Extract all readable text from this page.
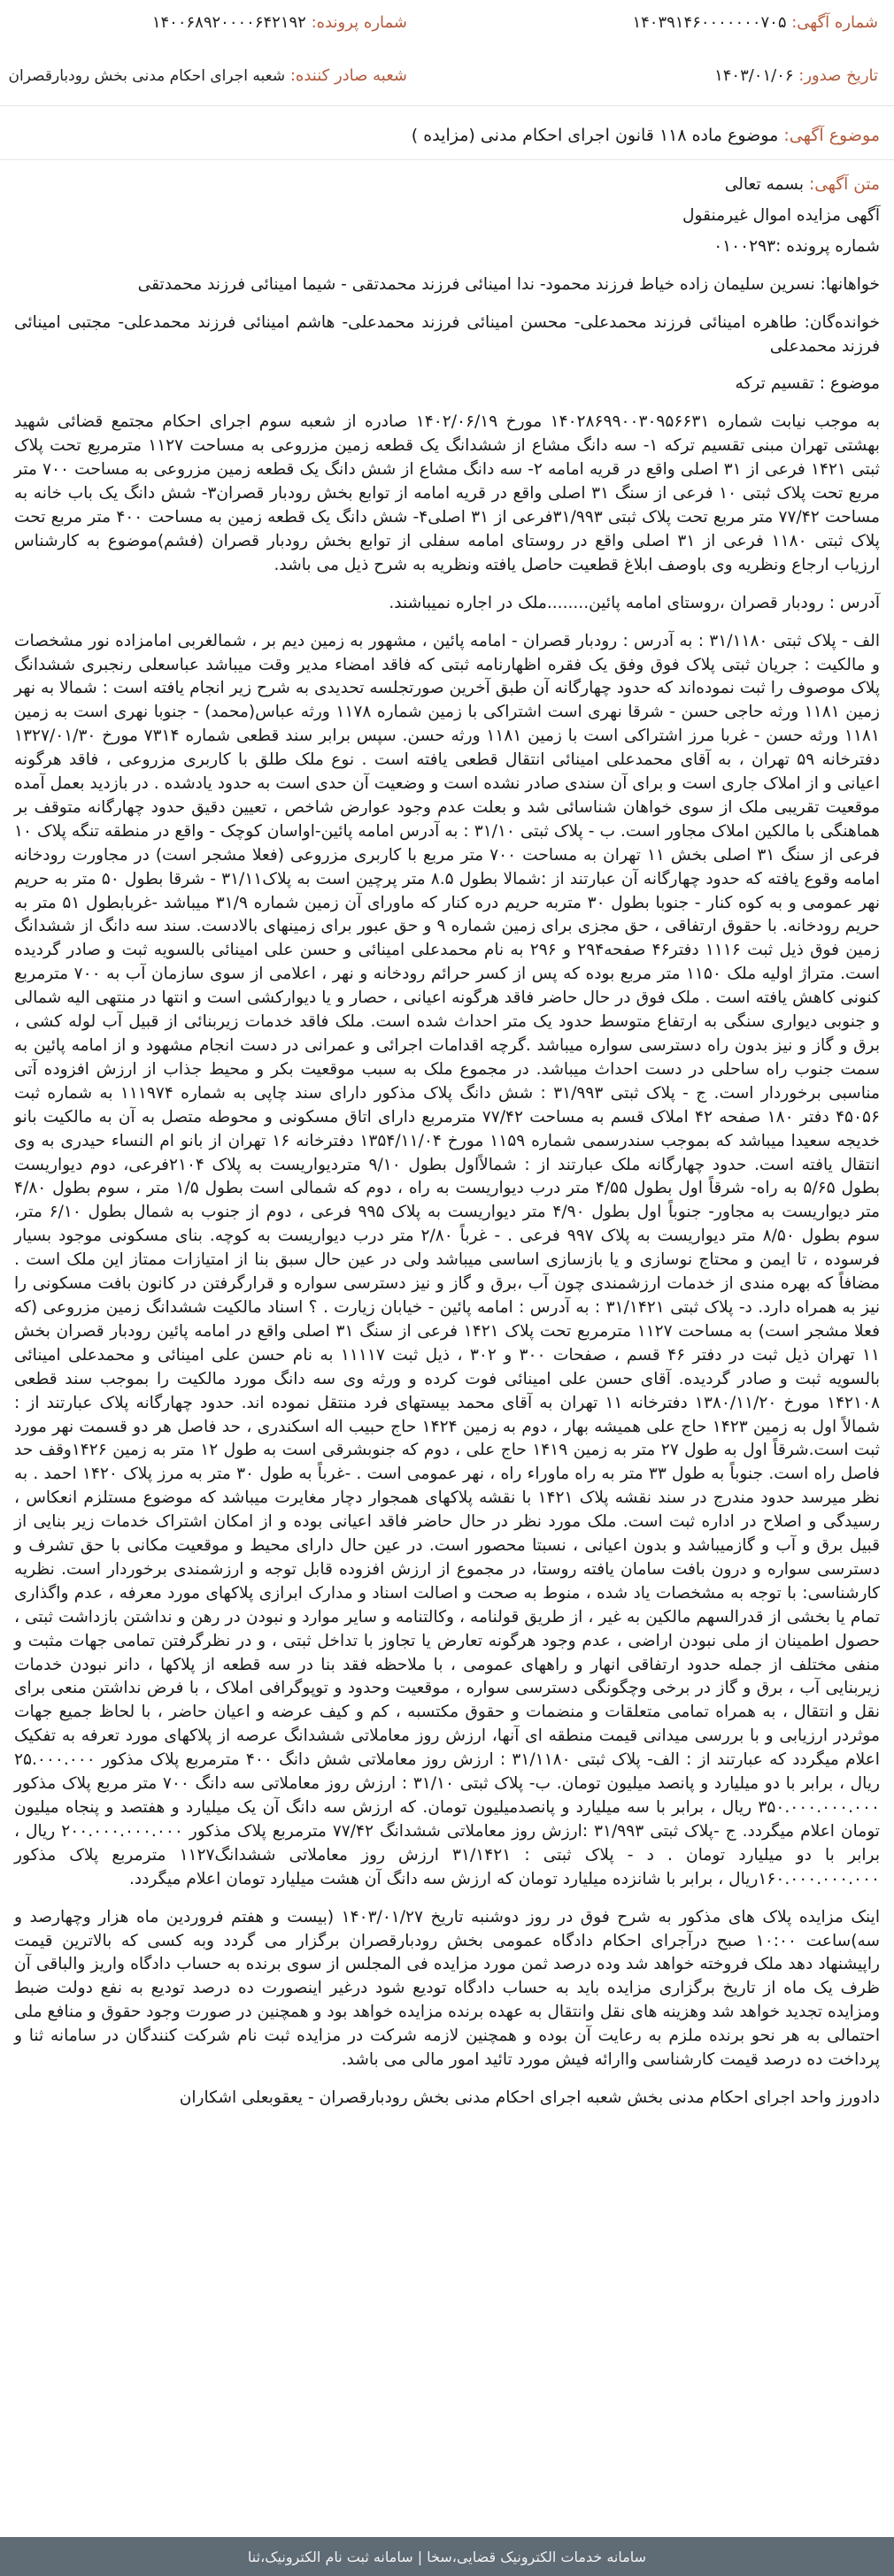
شماره آگهی: ۱۴۰۳۹۱۴۶۰۰۰۰۰۰۰۷۰۵
شماره پرونده: ۱۴۰۰۶۸۹۲۰۰۰۰۶۴۲۱۹۲
تاریخ صدور: ۱۴۰۳/۰۱/۰۶
شعبه صادر کننده: شعبه اجرای احکام مدنی بخش رودبارقصران
موضوع آگهی: موضوع ماده ۱۱۸ قانون اجرای احکام مدنی (مزایده )

متن آگهی: بسمه تعالی

آگهی مزایده اموال غیرمنقول

شماره پرونده :۰۱۰۰۲۹۳

خواهانها: نسرین سلیمان زاده خیاط فرزند محمود- ندا امینائی فرزند محمدتقی - شیما امینائی فرزند محمدتقی

خوانده‌گان: طاهره امینائی فرزند محمدعلی- محسن امینائی فرزند محمدعلی- هاشم امینائی فرزند محمدعلی- مجتبی امینائی فرزند محمدعلی

موضوع : تقسیم ترکه

به موجب نیابت شماره ۱۴۰۲۸۶۹۹۰۰۳۰۹۵۶۶۳۱ مورخ ۱۴۰۲/۰۶/۱۹ صادره از شعبه سوم اجرای احکام مجتمع قضائی شهید بهشتی تهران مبنی تقسیم ترکه ۱- سه دانگ مشاع از ششدانگ یک قطعه زمین مزروعی به مساحت ۱۱۲۷ مترمربع تحت پلاک ثبتی ۱۴۲۱ فرعی از ۳۱ اصلی واقع در قریه امامه ۲- سه دانگ مشاع از شش دانگ یک قطعه زمین مزروعی به مساحت ۷۰۰ متر مربع تحت پلاک ثبتی ۱۰ فرعی از سنگ ۳۱ اصلی واقع در قریه امامه از توابع بخش رودبار قصران۳- شش دانگ یک باب خانه به مساحت ۷۷/۴۲ متر مربع تحت پلاک ثبتی ۳۱/۹۹۳فرعی از ۳۱ اصلی۴- شش دانگ یک قطعه زمین به مساحت ۴۰۰ متر مربع تحت پلاک ثبتی ۱۱۸۰ فرعی از ۳۱ اصلی واقع در روستای امامه سفلی از توابع بخش رودبار قصران (فشم)موضوع به کارشناس ارزیاب ارجاع ونظریه وی باوصف ابلاغ قطعیت حاصل یافته ونظریه به شرح ذیل می باشد.

آدرس : رودبار قصران ،روستای امامه پائین........ملک در اجاره نمیباشند.

الف - پلاک ثبتی ۳۱/۱۱۸۰ : به آدرس : رودبار قصران - امامه پائین ، مشهور به زمین دیم بر ، شمالغربی امامزاده نور مشخصات و مالکیت : جریان ثبتی پلاک فوق وفق یک فقره اظهارنامه ثبتی که فاقد امضاء مدیر وقت میباشد عباسعلی رنجبری ششدانگ پلاک موصوف را ثبت نموده‌اند که حدود چهارگانه آن طبق آخرین صورتجلسه تحدیدی به شرح زیر انجام یافته است : شمالا به نهر زمین ۱۱۸۱ ورثه حاجی حسن - شرقا نهری است اشتراکی با زمین شماره ۱۱۷۸ ورثه عباس(محمد) - جنوبا نهری است به زمین ۱۱۸۱ ورثه حسن - غربا مرز اشتراکی است با زمین ۱۱۸۱ ورثه حسن. سپس برابر سند قطعی شماره ۷۳۱۴ مورخ ۱۳۲۷/۰۱/۳۰ دفترخانه ۵۹ تهران ، به آقای محمدعلی امینائی انتقال قطعی یافته است . نوع ملک طلق با کاربری مزروعی ، فاقد هرگونه اعیانی و از املاک جاری است و برای آن سندی صادر نشده است و وضعیت آن حدی است به حدود یادشده . در بازدید بعمل آمده موقعیت تقریبی ملک از سوی خواهان شناسائی شد و بعلت عدم وجود عوارض شاخص ، تعیین دقیق حدود چهارگانه متوقف بر هماهنگی با مالکین املاک مجاور است. ب - پلاک ثبتی ۳۱/۱۰ : به آدرس امامه پائین-اواسان کوچک - واقع در منطقه تنگه پلاک ۱۰ فرعی از سنگ ۳۱ اصلی بخش ۱۱ تهران به مساحت ۷۰۰ متر مربع با کاربری مزروعی (فعلا مشجر است) در مجاورت رودخانه امامه وقوع یافته که حدود چهارگانه آن عبارتند از :شمالا بطول ۸.۵ متر پرچین است به پلاک۳۱/۱۱ - شرقا بطول ۵۰ متر به حریم نهر عمومی و به کوه کنار - جنوبا بطول ۳۰ متربه حریم دره کنار که ماورای آن زمین شماره ۳۱/۹ میباشد -غربابطول ۵۱ متر به حریم رودخانه. با حقوق ارتفاقی ، حق مجزی برای زمین شماره ۹ و حق عبور برای زمینهای بالادست. سند سه دانگ از ششدانگ زمین فوق ذیل ثبت ۱۱۱۶ دفتر۴۶ صفحه۲۹۴ و ۲۹۶ به نام محمدعلی امینائی و حسن علی امینائی بالسویه ثبت و صادر گردیده است. متراژ اولیه ملک ۱۱۵۰ متر مربع بوده که پس از کسر حرائم رودخانه و نهر ، اعلامی از سوی سازمان آب به ۷۰۰ مترمربع کنونی کاهش یافته است . ملک فوق در حال حاضر فاقد هرگونه اعیانی ، حصار و یا دیوارکشی است و انتها در منتهی الیه شمالی و جنوبی دیواری سنگی به ارتفاع متوسط حدود یک متر احداث شده است. ملک فاقد خدمات زیربنائی از قبیل آب لوله کشی ، برق و گاز و نیز بدون راه دسترسی سواره میباشد .گرچه اقدامات اجرائی و عمرانی در دست انجام مشهود و از امامه پائین به سمت جنوب راه ساحلی در دست احداث میباشد. در مجموع ملک به سبب موقعیت بکر و محیط جذاب از ارزش افزوده آتی مناسبی برخوردار است. ج - پلاک ثبتی ۳۱/۹۹۳ : شش دانگ پلاک مذکور دارای سند چاپی به شماره ۱۱۱۹۷۴ به شماره ثبت ۴۵۰۵۶ دفتر ۱۸۰ صفحه ۴۲ املاک قسم به مساحت ۷۷/۴۲ مترمربع دارای اتاق مسکونی و محوطه متصل به آن به مالکیت بانو خدیجه سعیدا میباشد که بموجب سندرسمی شماره ۱۱۵۹ مورخ ۱۳۵۴/۱۱/۰۴ دفترخانه ۱۶ تهران از بانو ام النساء حیدری به وی انتقال یافته است. حدود چهارگانه ملک عبارتند از : شمالاًاول بطول ۹/۱۰ متردیواریست به پلاک ۲۱۰۴فرعی، دوم دیواریست بطول ۵/۶۵ به راه- شرقاً اول بطول ۴/۵۵ متر درب دیواریست به راه ، دوم که شمالی است بطول ۱/۵ متر ، سوم بطول ۴/۸۰ متر دیواریست به مجاور- جنوباً اول بطول ۴/۹۰ متر دیواریست به پلاک ۹۹۵ فرعی ، دوم از جنوب به شمال بطول ۶/۱۰ متر، سوم بطول ۸/۵۰ متر دیواریست به پلاک ۹۹۷ فرعی . - غرباً ۲/۸۰ متر درب دیواریست به کوچه. بنای مسکونی موجود بسیار فرسوده ، تا ایمن و محتاج نوسازی و یا بازسازی اساسی میباشد ولی در عین حال سبق بنا از امتیازات ممتاز این ملک است . مضافاً که بهره مندی از خدمات ارزشمندی چون آب ،برق و گاز و نیز دسترسی سواره و قرارگرفتن در کانون بافت مسکونی را نیز به همراه دارد. د- پلاک ثبتی ۳۱/۱۴۲۱ : به آدرس : امامه پائین - خیابان زیارت . ؟ اسناد مالکیت ششدانگ زمین مزروعی (که فعلا مشجر است) به مساحت ۱۱۲۷ مترمربع تحت پلاک ۱۴۲۱ فرعی از سنگ ۳۱ اصلی واقع در امامه پائین رودبار قصران بخش ۱۱ تهران ذیل ثبت در دفتر ۴۶ قسم ، صفحات ۳۰۰ و ۳۰۲ ، ذیل ثبت ۱۱۱۱۷ به نام حسن علی امینائی و محمدعلی امینائی بالسویه ثبت و صادر گردیده. آقای حسن علی امینائی فوت کرده و ورثه وی سه دانگ مورد مالکیت را بموجب سند قطعی ۱۴۲۱۰۸ مورخ ۱۳۸۰/۱۱/۲۰ دفترخانه ۱۱ تهران به آقای محمد بیستهای فرد منتقل نموده اند. حدود چهارگانه پلاک عبارتند از : شمالاً اول به زمین ۱۴۲۳ حاج علی همیشه بهار ، دوم به زمین ۱۴۲۴ حاج حبیب اله اسکندری ، حد فاصل هر دو قسمت نهر مورد ثبت است.شرقاً اول به طول ۲۷ متر به زمین ۱۴۱۹ حاج علی ، دوم که جنوبشرقی است به طول ۱۲ متر به زمین ۱۴۲۶وقف حد فاصل راه است. جنوباً به طول ۳۳ متر به راه ماوراء راه ، نهر عمومی است . -غرباً به طول ۳۰ متر به مرز پلاک ۱۴۲۰ احمد . به نظر میرسد حدود مندرج در سند نقشه پلاک ۱۴۲۱ با نقشه پلاکهای همجوار دچار مغایرت میباشد که موضوع مستلزم انعکاس ، رسیدگی و اصلاح در اداره ثبت است. ملک مورد نظر در حال حاضر فاقد اعیانی بوده و از امکان اشتراک خدمات زیر بنایی از قبیل برق و آب و گازمیباشد و بدون اعیانی ، نسبتا محصور است. در عین حال دارای محیط و موقعیت مکانی با حق تشرف و دسترسی سواره و درون بافت سامان یافته روستا، در مجموع از ارزش افزوده قابل توجه و ارزشمندی برخوردار است. نظریه کارشناسی: با توجه به مشخصات یاد شده ، منوط به صحت و اصالت اسناد و مدارک ابرازی پلاکهای مورد معرفه ، عدم واگذاری تمام یا بخشی از قدرالسهم مالکین به غیر ، از طریق قولنامه ، وکالتنامه و سایر موارد و نبودن در رهن و نداشتن بازداشت ثبتی ، حصول اطمینان از ملی نبودن اراضی ، عدم وجود هرگونه تعارض یا تجاوز با تداخل ثبتی ، و در نظرگرفتن تمامی جهات مثبت و منفی مختلف از جمله حدود ارتفاقی انهار و راههای عمومی ، با ملاحظه فقد بنا در سه قطعه از پلاکها ، دانر نبودن خدمات زیربنایی آب ، برق و گاز در برخی وچگونگی دسترسی سواره ، موقعیت وحدود و توپوگرافی املاک ، با فرض نداشتن منعی برای نقل و انتقال ، به همراه تمامی متعلقات و منضمات و حقوق مکتسبه ، کم و کیف عرضه و اعیان حاضر ، با لحاظ جمیع جهات موثردر ارزیابی و با بررسی میدانی قیمت منطقه ای آنها، ارزش روز معاملاتی ششدانگ عرصه از پلاکهای مورد تعرفه به تفکیک اعلام میگردد که عبارتند از : الف- پلاک ثبتی ۳۱/۱۱۸۰ : ارزش روز معاملاتی شش دانگ ۴۰۰ مترمربع پلاک مذکور ۲۵.۰۰۰.۰۰۰ ریال ، برابر با دو میلیارد و پانصد میلیون تومان. ب- پلاک ثبتی ۳۱/۱۰ : ارزش روز معاملاتی سه دانگ ۷۰۰ متر مربع پلاک مذکور ۳۵۰.۰۰۰.۰۰۰.۰۰۰ ریال ، برابر با سه میلیارد و پانصدمیلیون تومان. که ارزش سه دانگ آن یک میلیارد و هفتصد و پنجاه میلیون تومان اعلام میگردد. ج -پلاک ثبتی ۳۱/۹۹۳ :ارزش روز معاملاتی ششدانگ ۷۷/۴۲ مترمربع پلاک مذکور ۲۰۰.۰۰۰.۰۰۰.۰۰۰ ریال ، برابر با دو میلیارد تومان . د - پلاک ثبتی : ۳۱/۱۴۲۱ ارزش روز معاملاتی ششدانگ۱۱۲۷ مترمربع پلاک مذکور ۱۶۰.۰۰۰.۰۰۰.۰۰۰ریال ، برابر با شانزده میلیارد تومان که ارزش سه دانگ آن هشت میلیارد تومان اعلام میگردد.

اینک مزایده پلاک های مذکور به شرح فوق در روز دوشنبه تاریخ ۱۴۰۳/۰۱/۲۷ (بیست و هفتم فروردین ماه هزار وچهارصد و سه)ساعت ۱۰:۰۰ صبح درآجرای احکام دادگاه عمومی بخش رودبارقصران برگزار می گردد وبه کسی که بالاترین قیمت راپیشنهاد دهد ملک فروخته خواهد شد وده درصد ثمن مورد مزایده فی المجلس از سوی برنده به حساب دادگاه واریز والباقی آن ظرف یک ماه از تاریخ برگزاری مزایده باید به حساب دادگاه تودیع شود درغیر اینصورت ده درصد تودیع به نفع دولت ضبط ومزایده تجدید خواهد شد وهزینه های نقل وانتقال به عهده برنده مزایده خواهد بود و همچنین در صورت وجود حقوق و منافع ملی احتمالی به هر نحو برنده ملزم به رعایت آن بوده و همچنین لازمه شرکت در مزایده ثبت نام شرکت کنندگان در سامانه ثنا و پرداخت ده درصد قیمت کارشناسی واارائه فیش مورد تائید امور مالی می باشد.

دادورز واحد اجرای احکام مدنی بخش شعبه اجرای احکام مدنی بخش رودبارقصران - یعقوبعلی اشکاران

سامانه خدمات الکترونیک قضایی،سخا | سامانه ثبت نام الکترونیک،ثنا
